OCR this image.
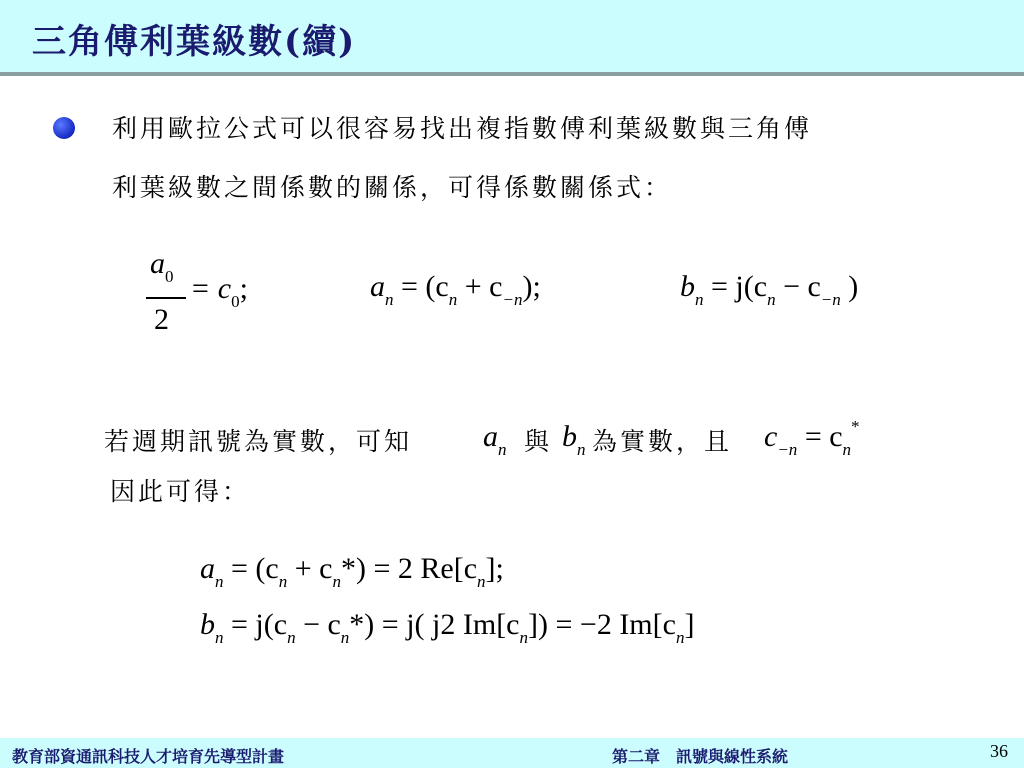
三角傅利葉級數(續)
利用歐拉公式可以很容易找出複指數傅利葉級數與三角傅
利葉級數之間係數的關係，可得係數關係式：
$a_0$
2
= $c_0$;	$a_n = (c_n + c_{-n})$;	$b_n = j(c_n - c_{-n}$ )
若週期訊號為實數，可知 $a_n$ 與 $b_n$ 為實數，且 $c_{-n} = c_n^*$
因此可得：
$a_n = (c_n + c_n*) = 2$ $Re[c_n]$;
$b_n = j(c_n - c_n*) = j$( j2 $Im[c_n]) = -2$ $Im[c_n]$
教育部資通訊科技人才培育先導型計畫	第二章　訊號與線性系統	36
